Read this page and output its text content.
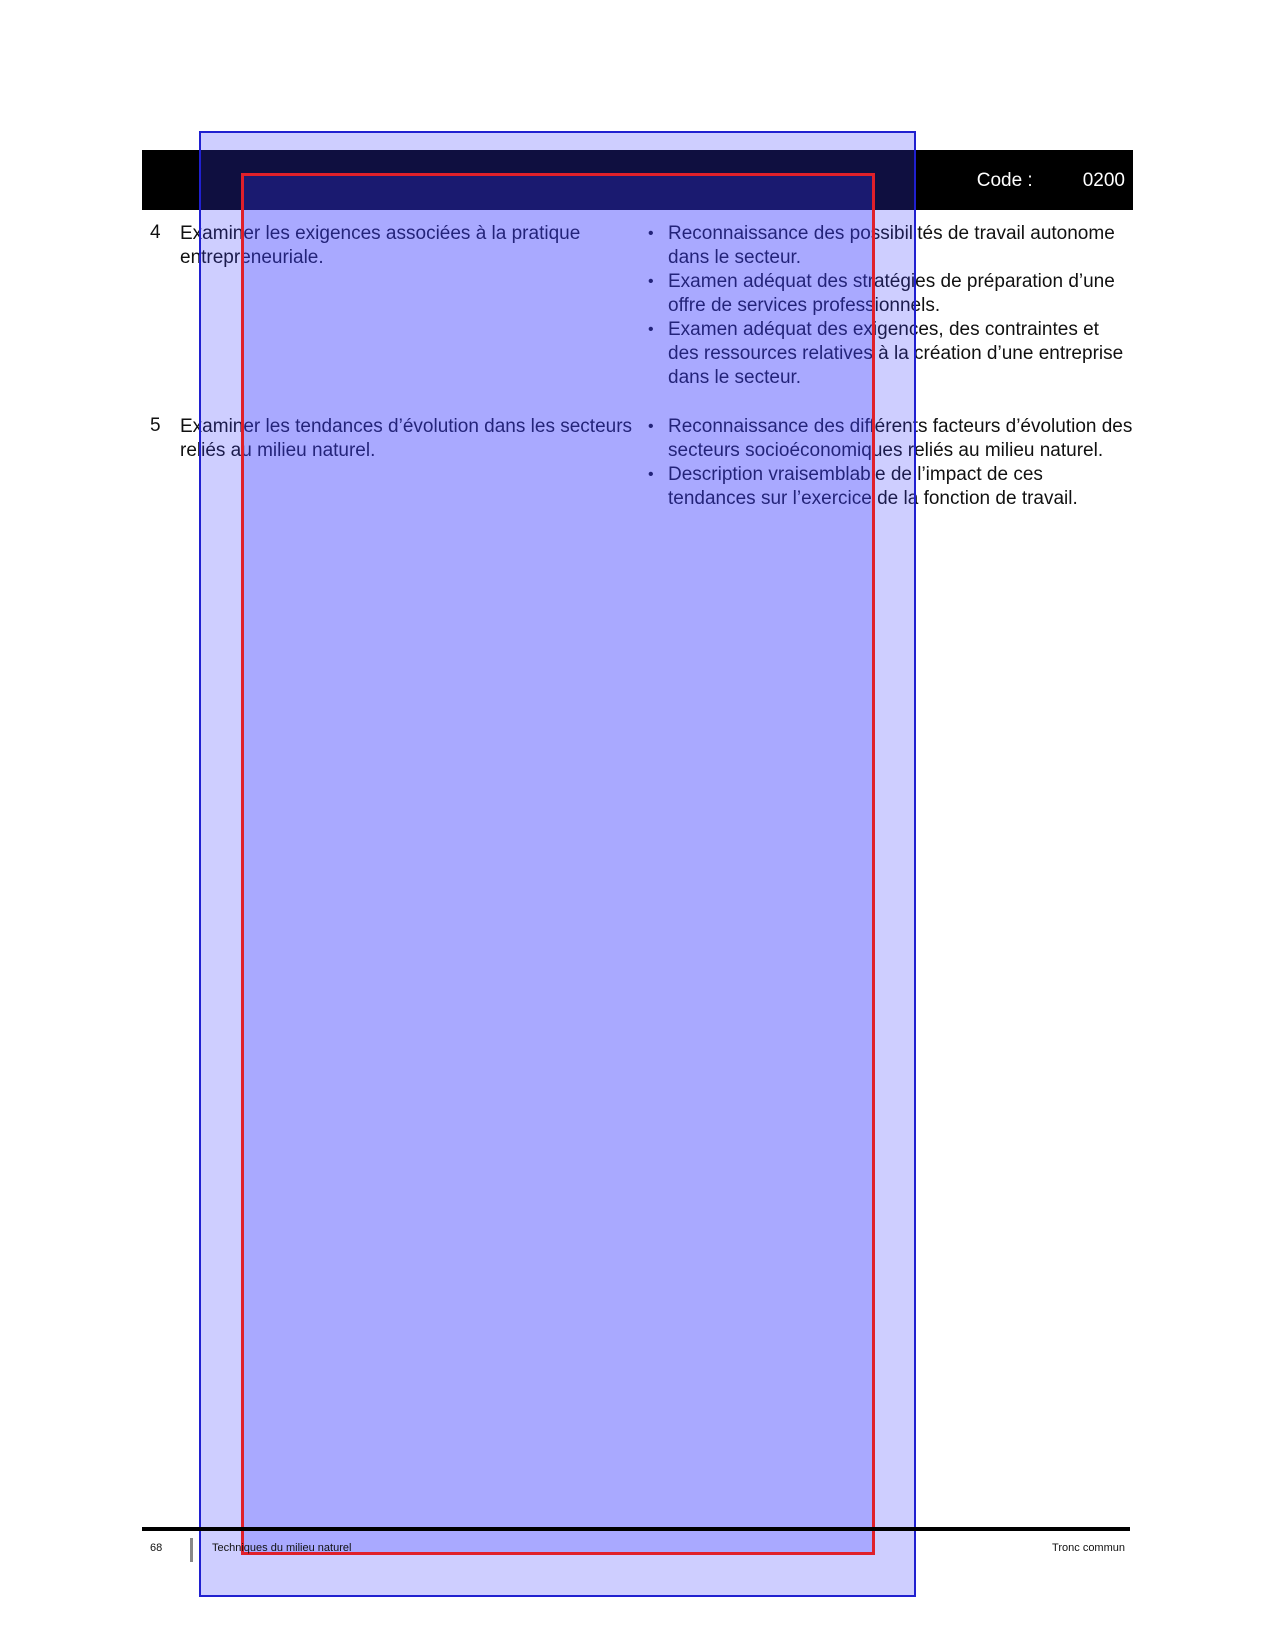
Code :	0200
4	Examiner les exigences associées à la pratique entrepreneuriale.
• Reconnaissance des possibilités de travail autonome dans le secteur.
• Examen adéquat des stratégies de préparation d’une offre de services professionnels.
• Examen adéquat des exigences, des contraintes et des ressources relatives à la création d’une entreprise dans le secteur.
5	Examiner les tendances d’évolution dans les secteurs reliés au milieu naturel.
• Reconnaissance des différents facteurs d’évolution des secteurs socioéconomiques reliés au milieu naturel.
• Description vraisemblable de l’impact de ces tendances sur l’exercice de la fonction de travail.
68	Techniques du milieu naturel	Tronc commun
